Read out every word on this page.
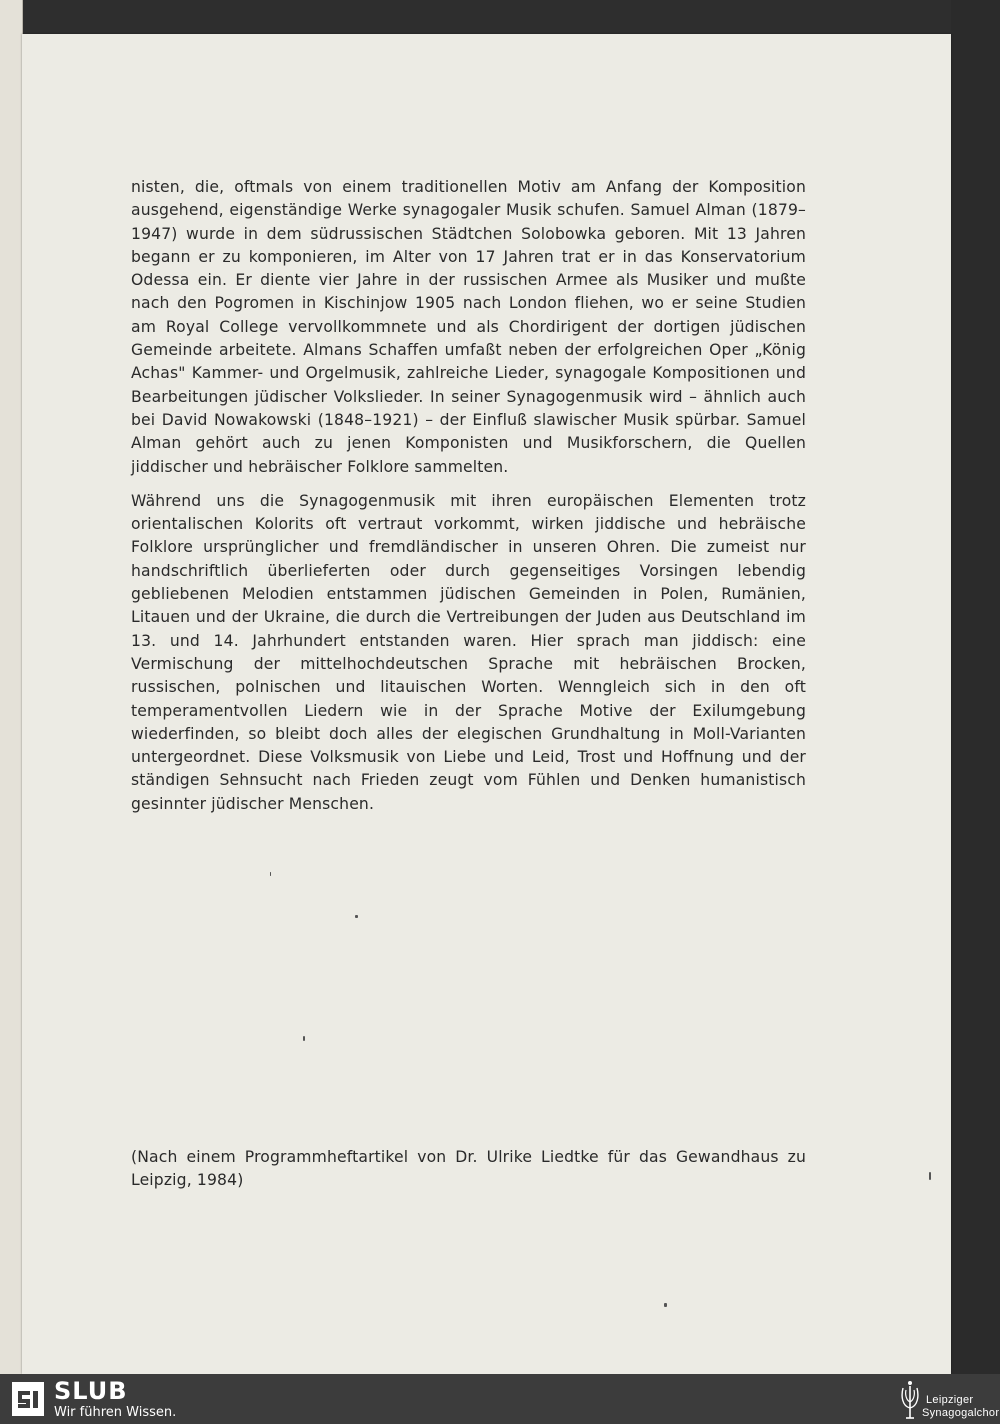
nisten, die, oftmals von einem traditionellen Motiv am Anfang der Komposition ausgehend, eigenständige Werke synagogaler Musik schufen. Samuel Alman (1879–1947) wurde in dem südrussischen Städtchen Solobowka geboren. Mit 13 Jahren begann er zu komponieren, im Alter von 17 Jahren trat er in das Konservatorium Odessa ein. Er diente vier Jahre in der russischen Armee als Musiker und mußte nach den Pogromen in Kischinjow 1905 nach London fliehen, wo er seine Studien am Royal College vervollkommnete und als Chordirigent der dortigen jüdischen Gemeinde arbeitete. Almans Schaffen umfaßt neben der erfolgreichen Oper „König Achas" Kammer- und Orgelmusik, zahlreiche Lieder, synagogale Kompositionen und Bearbeitungen jüdischer Volkslieder. In seiner Synagogenmusik wird – ähnlich auch bei David Nowakowski (1848–1921) – der Einfluß slawischer Musik spürbar. Samuel Alman gehört auch zu jenen Komponisten und Musikforschern, die Quellen jiddischer und hebräischer Folklore sammelten.

Während uns die Synagogenmusik mit ihren europäischen Elementen trotz orientalischen Kolorits oft vertraut vorkommt, wirken jiddische und hebräische Folklore ursprünglicher und fremdländischer in unseren Ohren. Die zumeist nur handschriftlich überlieferten oder durch gegenseitiges Vorsingen lebendig gebliebenen Melodien entstammen jüdischen Gemeinden in Polen, Rumänien, Litauen und der Ukraine, die durch die Vertreibungen der Juden aus Deutschland im 13. und 14. Jahrhundert entstanden waren. Hier sprach man jiddisch: eine Vermischung der mittelhochdeutschen Sprache mit hebräischen Brocken, russischen, polnischen und litauischen Worten. Wenngleich sich in den oft temperamentvollen Liedern wie in der Sprache Motive der Exilumgebung wiederfinden, so bleibt doch alles der elegischen Grundhaltung in Moll-Varianten untergeordnet. Diese Volksmusik von Liebe und Leid, Trost und Hoffnung und der ständigen Sehnsucht nach Frieden zeugt vom Fühlen und Denken humanistisch gesinnter jüdischer Menschen.

(Nach einem Programmheftartikel von Dr. Ulrike Liedtke für das Gewandhaus zu Leipzig, 1984)

SLUB
Wir führen Wissen.
Leipziger
Synagogalchor
